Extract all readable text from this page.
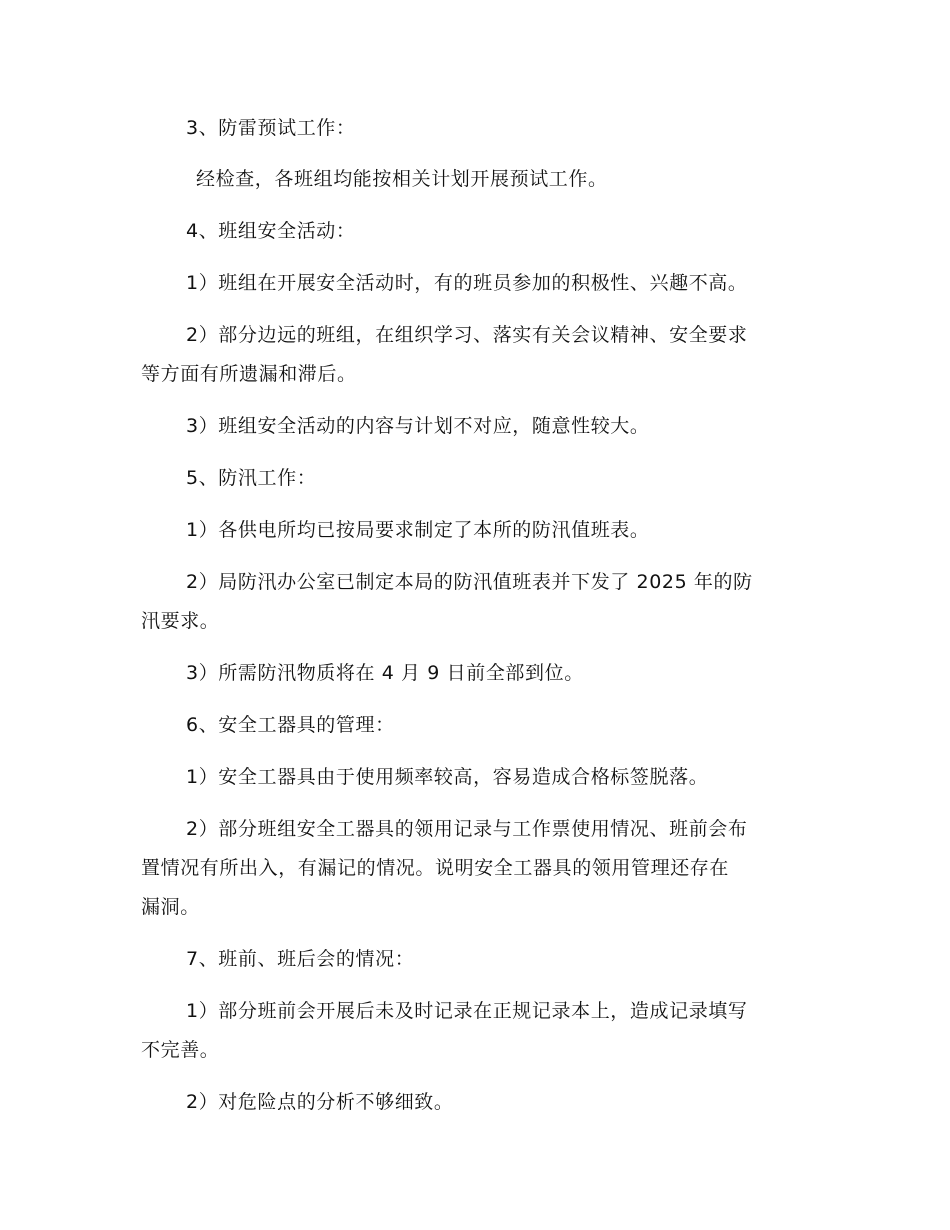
3、防雷预试工作：
经检查，各班组均能按相关计划开展预试工作。
4、班组安全活动：
1）班组在开展安全活动时，有的班员参加的积极性、兴趣不高。
2）部分边远的班组，在组织学习、落实有关会议精神、安全要求
等方面有所遗漏和滞后。
3）班组安全活动的内容与计划不对应，随意性较大。
5、防汛工作：
1）各供电所均已按局要求制定了本所的防汛值班表。
2）局防汛办公室已制定本局的防汛值班表并下发了 2025 年的防
汛要求。
3）所需防汛物质将在 4 月 9 日前全部到位。
6、安全工器具的管理：
1）安全工器具由于使用频率较高，容易造成合格标签脱落。
2）部分班组安全工器具的领用记录与工作票使用情况、班前会布
置情况有所出入，有漏记的情况。说明安全工器具的领用管理还存在
漏洞。
7、班前、班后会的情况：
1）部分班前会开展后未及时记录在正规记录本上，造成记录填写
不完善。
2）对危险点的分析不够细致。
